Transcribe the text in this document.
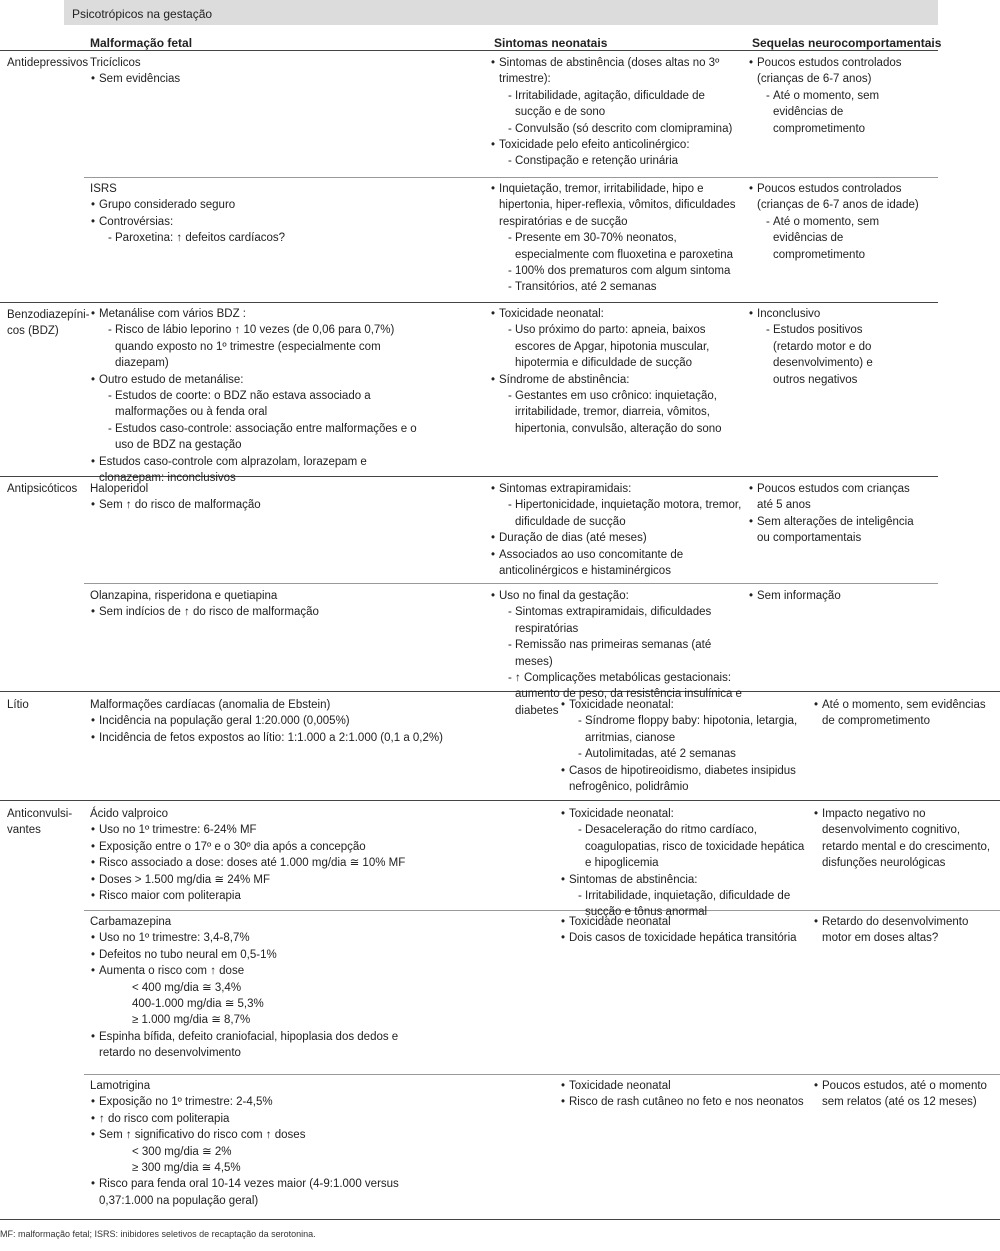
Psicotrópicos na gestação
Malformação fetal	Sintomas neonatais	Sequelas neurocomportamentais
Antidepressivos
Benzodiazepíni-
cos (BDZ)
Antipsicóticos
Lítio
Anticonvulsi-
vantes
Tricíclicos
• Sem evidências
• Sintomas de abstinência (doses altas no 3º trimestre):
- Irritabilidade, agitação, dificuldade de sucção e de sono
- Convulsão (só descrito com clomipramina)
• Toxicidade pelo efeito anticolinérgico:
- Constipação e retenção urinária
• Poucos estudos controlados (crianças de 6-7 anos)
- Até o momento, sem evidências de comprometimento
ISRS
• Grupo considerado seguro
• Controvérsias:
- Paroxetina: ↑ defeitos cardíacos?
• Inquietação, tremor, irritabilidade, hipo e hipertonia, hiper-reflexia, vômitos, dificuldades respiratórias e de sucção
- Presente em 30-70% neonatos, especialmente com fluoxetina e paroxetina
- 100% dos prematuros com algum sintoma
- Transitórios, até 2 semanas
• Poucos estudos controlados (crianças de 6-7 anos de idade)
- Até o momento, sem evidências de comprometimento
• Metanálise com vários BDZ :
- Risco de lábio leporino ↑ 10 vezes (de 0,06 para 0,7%) quando exposto no 1º trimestre (especialmente com diazepam)
• Outro estudo de metanálise:
- Estudos de coorte: o BDZ não estava associado a malformações ou à fenda oral
- Estudos caso-controle: associação entre malformações e o uso de BDZ na gestação
• Estudos caso-controle com alprazolam, lorazepam e clonazepam: inconclusivos
• Toxicidade neonatal:
- Uso próximo do parto: apneia, baixos escores de Apgar, hipotonia muscular, hipotermia e dificuldade de sucção
• Síndrome de abstinência:
- Gestantes em uso crônico: inquietação, irritabilidade, tremor, diarreia, vômitos, hipertonia, convulsão, alteração do sono
• Inconclusivo
- Estudos positivos (retardo motor e do desenvolvimento) e outros negativos
Haloperidol
• Sem ↑ do risco de malformação
• Sintomas extrapiramidais:
- Hipertonicidade, inquietação motora, tremor, dificuldade de sucção
• Duração de dias (até meses)
• Associados ao uso concomitante de anticolinérgicos e histaminérgicos
• Poucos estudos com crianças até 5 anos
• Sem alterações de inteligência ou comportamentais
Olanzapina, risperidona e quetiapina
• Sem indícios de ↑ do risco de malformação
• Uso no final da gestação:
- Sintomas extrapiramidais, dificuldades respiratórias
- Remissão nas primeiras semanas (até meses)
- ↑ Complicações metabólicas gestacionais: aumento de peso, da resistência insulínica e diabetes
• Sem informação
Malformações cardíacas (anomalia de Ebstein)
• Incidência na população geral 1:20.000 (0,005%)
• Incidência de fetos expostos ao lítio: 1:1.000 a 2:1.000 (0,1 a 0,2%)
• Toxicidade neonatal:
- Síndrome floppy baby: hipotonia, letargia, arritmias, cianose
- Autolimitadas, até 2 semanas
• Casos de hipotireoidismo, diabetes insipidus nefrogênico, polidrâmio
• Até o momento, sem evidências de comprometimento
Ácido valproico
• Uso no 1º trimestre: 6-24% MF
• Exposição entre o 17º e o 30º dia após a concepção
• Risco associado a dose: doses até 1.000 mg/dia ≅ 10% MF
• Doses > 1.500 mg/dia ≅ 24% MF
• Risco maior com politerapia
• Toxicidade neonatal:
- Desaceleração do ritmo cardíaco, coagulopatias, risco de toxicidade hepática e hipoglicemia
• Sintomas de abstinência:
- Irritabilidade, inquietação, dificuldade de sucção e tônus anormal
• Impacto negativo no desenvolvimento cognitivo, retardo mental e do crescimento, disfunções neurológicas
Carbamazepina
• Uso no 1º trimestre: 3,4-8,7%
• Defeitos no tubo neural em 0,5-1%
• Aumenta o risco com ↑ dose
< 400 mg/dia ≅ 3,4%
400-1.000 mg/dia ≅ 5,3%
≥ 1.000 mg/dia ≅ 8,7%
• Espinha bífida, defeito craniofacial, hipoplasia dos dedos e retardo no desenvolvimento
• Toxicidade neonatal
• Dois casos de toxicidade hepática transitória
• Retardo do desenvolvimento motor em doses altas?
Lamotrigina
• Exposição no 1º trimestre: 2-4,5%
• ↑ do risco com politerapia
• Sem ↑ significativo do risco com ↑ doses
< 300 mg/dia ≅ 2%
≥ 300 mg/dia ≅ 4,5%
• Risco para fenda oral 10-14 vezes maior (4-9:1.000 versus 0,37:1.000 na população geral)
• Toxicidade neonatal
• Risco de rash cutâneo no feto e nos neonatos
• Poucos estudos, até o momento sem relatos (até os 12 meses)
MF: malformação fetal; ISRS: inibidores seletivos de recaptação da serotonina.
